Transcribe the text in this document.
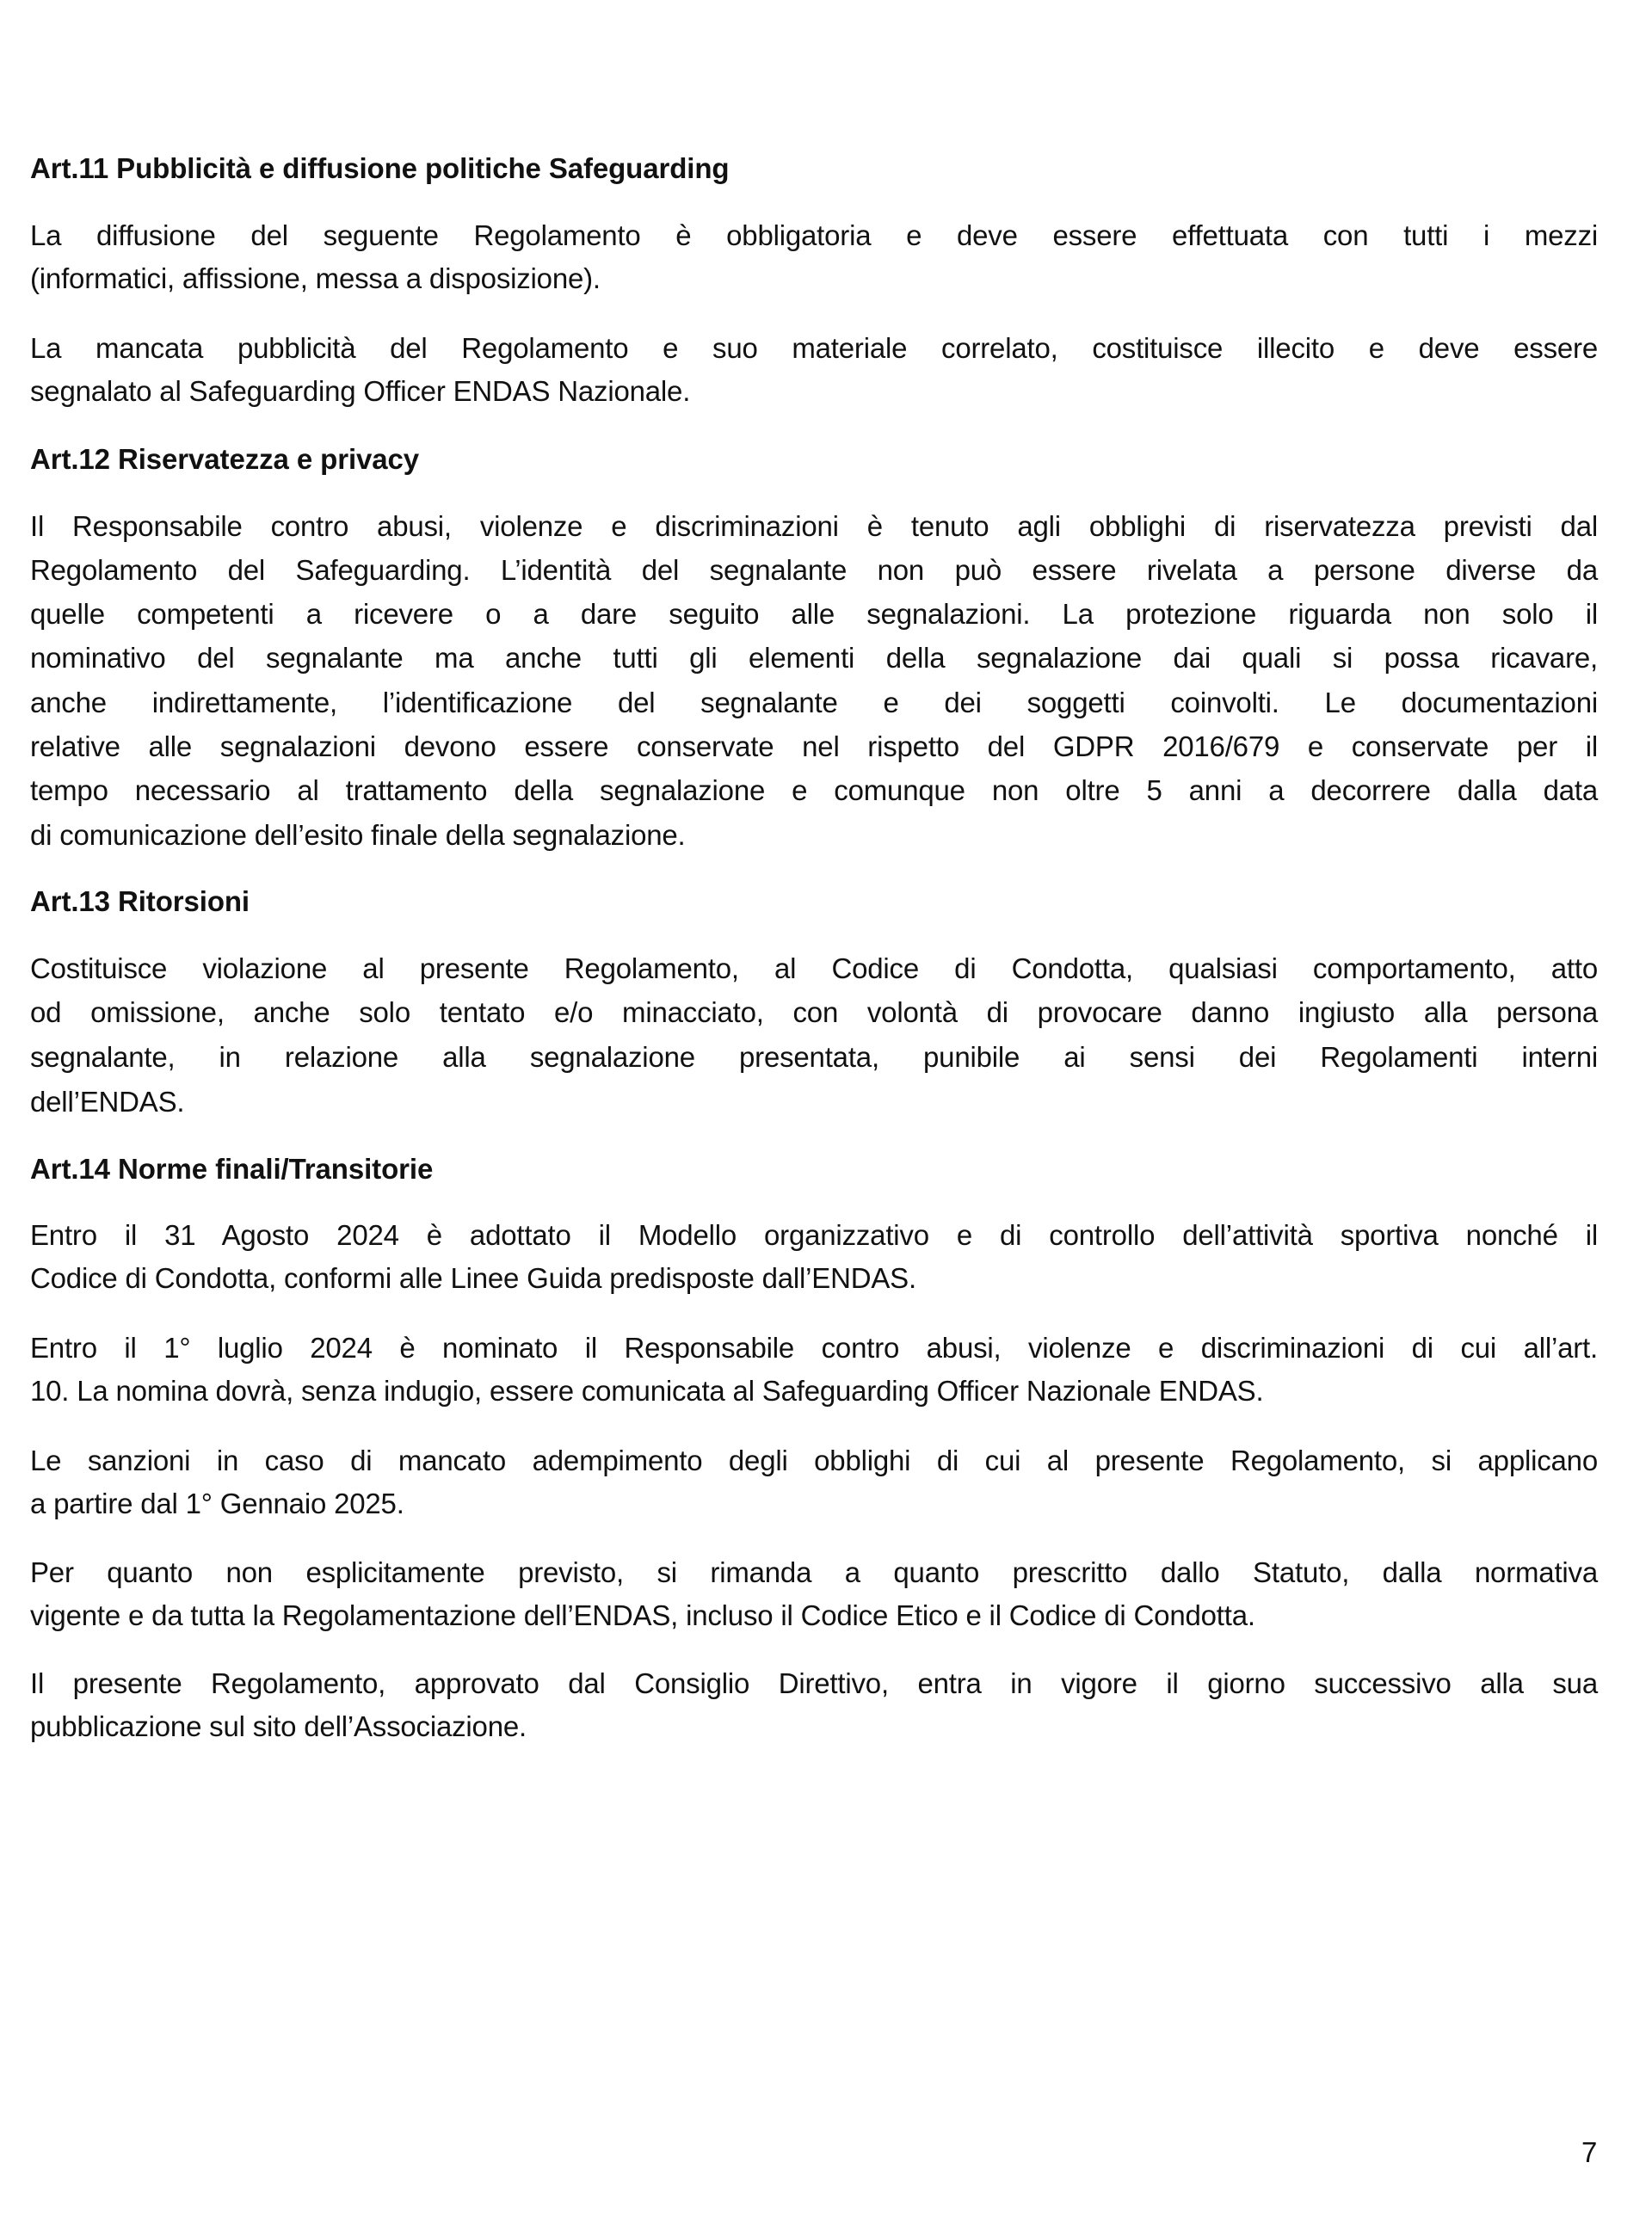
Art.11 Pubblicità e diffusione politiche Safeguarding
La diffusione del seguente Regolamento è obbligatoria e deve essere effettuata con tutti i mezzi
(informatici, affissione, messa a disposizione).
La mancata pubblicità del Regolamento e suo materiale correlato, costituisce illecito e deve essere
segnalato al Safeguarding Officer ENDAS Nazionale.
Art.12 Riservatezza e privacy
Il Responsabile contro abusi, violenze e discriminazioni è tenuto agli obblighi di riservatezza previsti dal
Regolamento del Safeguarding. L’identità del segnalante non può essere rivelata a persone diverse da
quelle competenti a ricevere o a dare seguito alle segnalazioni. La protezione riguarda non solo il
nominativo del segnalante ma anche tutti gli elementi della segnalazione dai quali si possa ricavare,
anche indirettamente, l’identificazione del segnalante e dei soggetti coinvolti. Le documentazioni
relative alle segnalazioni devono essere conservate nel rispetto del GDPR 2016/679 e conservate per il
tempo necessario al trattamento della segnalazione e comunque non oltre 5 anni a decorrere dalla data
di comunicazione dell’esito finale della segnalazione.
Art.13 Ritorsioni
Costituisce violazione al presente Regolamento, al Codice di Condotta, qualsiasi comportamento, atto
od omissione, anche solo tentato e/o minacciato, con volontà di provocare danno ingiusto alla persona
segnalante, in relazione alla segnalazione presentata, punibile ai sensi dei Regolamenti interni
dell’ENDAS.
Art.14 Norme finali/Transitorie
Entro il 31 Agosto 2024 è adottato il Modello organizzativo e di controllo dell’attività sportiva nonché il
Codice di Condotta, conformi alle Linee Guida predisposte dall’ENDAS.
Entro il 1° luglio 2024 è nominato il Responsabile contro abusi, violenze e discriminazioni di cui all’art.
10. La nomina dovrà, senza indugio, essere comunicata al Safeguarding Officer Nazionale ENDAS.
Le sanzioni in caso di mancato adempimento degli obblighi di cui al presente Regolamento, si applicano
a partire dal 1° Gennaio 2025.
Per quanto non esplicitamente previsto, si rimanda a quanto prescritto dallo Statuto, dalla normativa
vigente e da tutta la Regolamentazione dell’ENDAS, incluso il Codice Etico e il Codice di Condotta.
Il presente Regolamento, approvato dal Consiglio Direttivo, entra in vigore il giorno successivo alla sua
pubblicazione sul sito dell’Associazione.
7
